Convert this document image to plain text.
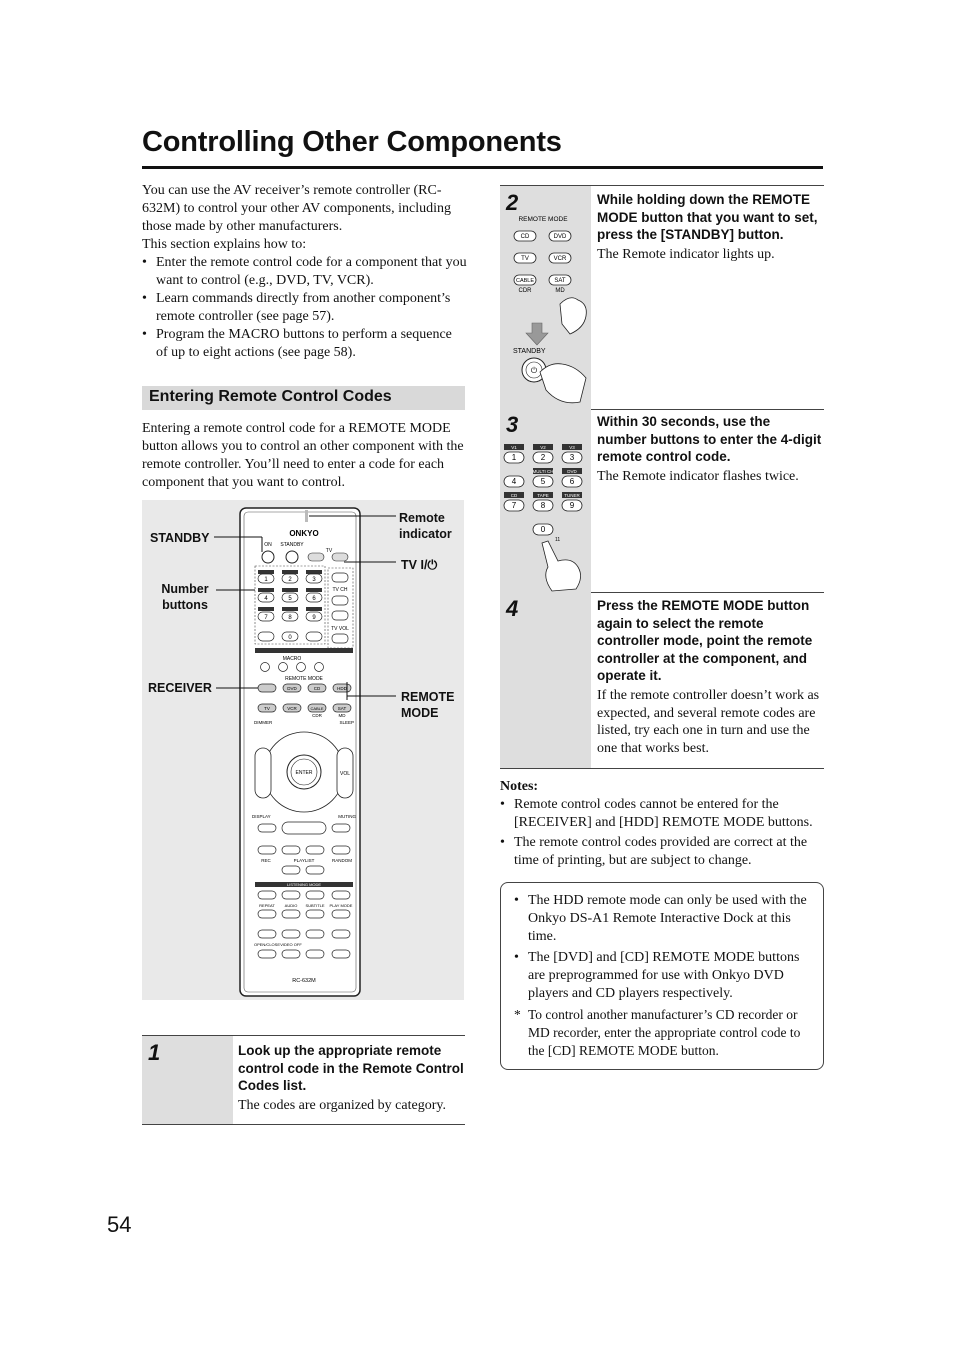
Controlling Other Components

You can use the AV receiver’s remote controller (RC-632M) to control your other AV components, including those made by other manufacturers.

This section explains how to:

• Enter the remote control code for a component that you want to control (e.g., DVD, TV, VCR).
• Learn commands directly from another component’s remote controller (see page 57).
• Program the MACRO buttons to perform a sequence of up to eight actions (see page 58).
Entering Remote Control Codes

Entering a remote control code for a REMOTE MODE button allows you to control an other component with the remote controller. You’ll need to enter a code for each component that you want to control.

ONKYO
ON STANDBY
TV
1	2	3
4	5	6
7	8	9
0
TV CH
TV VOL
MACRO
REMOTE MODE
DVD	CD	HDD
TV	VCR	CABLE	SAT
CDR	MD
DIMMER	SLEEP
ENTER	VOL
DISPLAY	MUTING
REC	PLAYLIST	RANDOM
LISTENING MODE
REPEAT AUDIO SUBTITLE PLAY MODE
OPEN/CLOSE VIDEO OFF
RC-632M
STANDBY
Number buttons
RECEIVER
Remote indicator
TV I/⏻
REMOTE MODE
1	Look up the appropriate remote control code in the Remote Control Codes list.
The codes are organized by category.
2
REMOTE MODE
CD	DVD
TV	VCR
CABLE	SAT
CDR	MD
STANDBY
⏻
While holding down the REMOTE MODE button that you want to set, press the [STANDBY] button.
The Remote indicator lights up.
3
V1	V2	V3
MULTI CH	DVD
CD	TAPE	TUNER
1	2	3
4	5	6
7	8	9
0
11
Within 30 seconds, use the number buttons to enter the 4-digit remote control code.
The Remote indicator flashes twice.
4	Press the REMOTE MODE button again to select the remote controller mode, point the remote controller at the component, and operate it.
If the remote controller doesn’t work as expected, and several remote codes are listed, try each one in turn and use the one that works best.
Notes:
• Remote control codes cannot be entered for the [RECEIVER] and [HDD] REMOTE MODE buttons.
• The remote control codes provided are correct at the time of printing, but are subject to change.
• The HDD remote mode can only be used with the Onkyo DS-A1 Remote Interactive Dock at this time.
• The [DVD] and [CD] REMOTE MODE buttons are preprogrammed for use with Onkyo DVD players and CD players respectively.
* To control another manufacturer’s CD recorder or MD recorder, enter the appropriate control code to the [CD] REMOTE MODE button.
54
